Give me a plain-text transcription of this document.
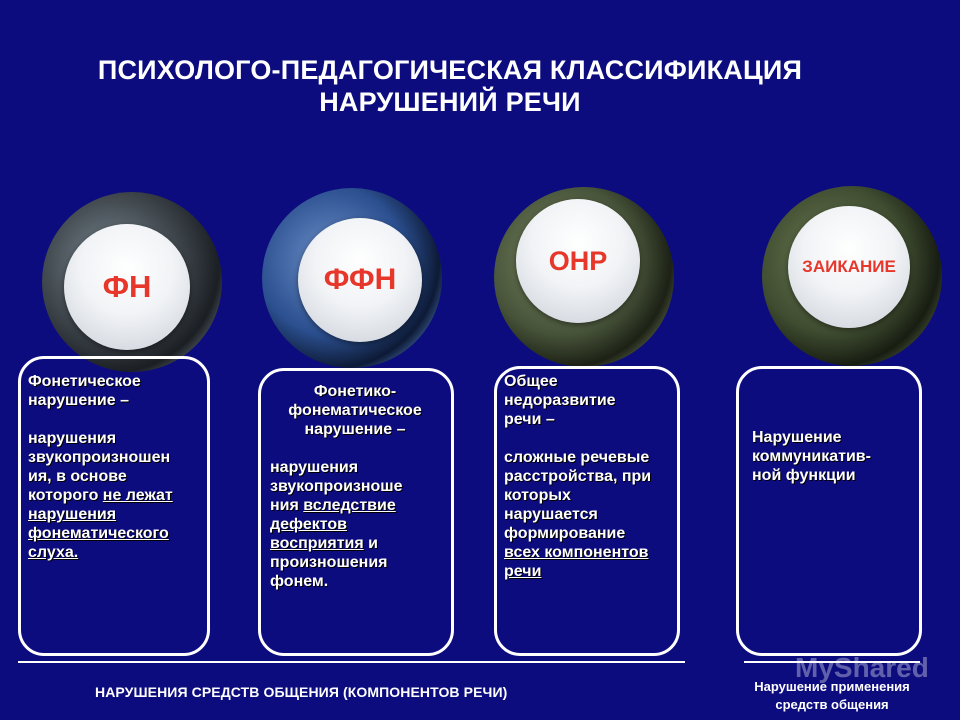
ПСИХОЛОГО-ПЕДАГОГИЧЕСКАЯ КЛАССИФИКАЦИЯ
НАРУШЕНИЙ РЕЧИ
ФН	ФФН
ОНР	ЗАИКАНИЕ

Фонетическое

нарушение –

нарушения

звукопроизношен

ия, в основе

которого не лежат

нарушения

фонематического

слуха.

Фонетико-

фонематическое

нарушение –

нарушения

звукопроизноше

ния вследствие

дефектов

восприятия и

произношения

фонем.

Общее

недоразвитие

речи –

сложные речевые

расстройства, при

которых

нарушается

формирование

всех компонентов

речи

Нарушение

коммуникатив-

ной функции

MyShared
НАРУШЕНИЯ СРЕДСТВ ОБЩЕНИЯ (КОМПОНЕНТОВ РЕЧИ)	Нарушение применения
средств общения
